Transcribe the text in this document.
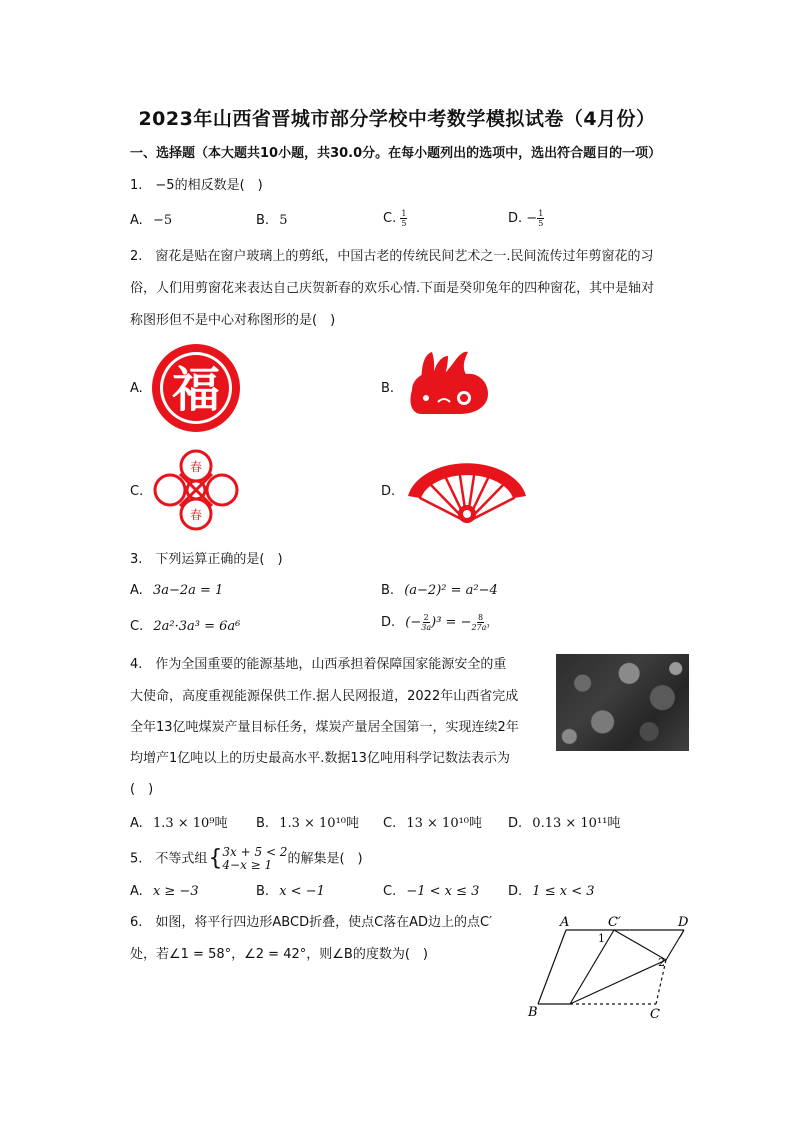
2023年山西省晋城市部分学校中考数学模拟试卷（4月份）
一、选择题（本大题共10小题，共30.0分。在每小题列出的选项中，选出符合题目的一项）
1.　−5的相反数是(　)
A. −5	B. 5	C. $\frac{1}{5}$	D. − $\frac{1}{5}$
2.　窗花是贴在窗户玻璃上的剪纸，中国古老的传统民间艺术之一.民间流传过年剪窗花的习
俗，人们用剪窗花来表达自己庆贺新春的欢乐心情.下面是癸卯兔年的四种窗花，其中是轴对
称图形但不是中心对称图形的是(　)
A. 福	B.
C.
春
春
D.
3.　下列运算正确的是(　)
A. 3a−2a = 1	B. (a−2)² = a²−4
C. 2a²·3a³ = 6a⁶	D. (− $\frac{2}{3a} )^3$ = − $\frac{8}{\text{27a³}}$
4.　作为全国重要的能源基地，山西承担着保障国家能源安全的重
大使命，高度重视能源保供工作.据人民网报道，2022年山西省完成
全年13亿吨煤炭产量目标任务，煤炭产量居全国第一，实现连续2年
均增产1亿吨以上的历史最高水平.数据13亿吨用科学记数法表示为
(　)
A. 1.3 × 10⁹吨 B. 1.3 × 10¹⁰吨 C. 13 × 10¹⁰吨 D. 0.13 × 10¹¹吨
5.　不等式组{ 3x + 5 < 2
4−x ≥ 1	的解集是(　)
A. x ≥ −3	B. x < −1	C. −1 < x ≤ 3 D. 1 ≤ x < 3
6.　如图，将平行四边形ABCD折叠，使点C落在AD边上的点C′
处，若∠1 = 58°，∠2 = 42°，则∠B的度数为(　)
A	C′	D
B	C
1
2
